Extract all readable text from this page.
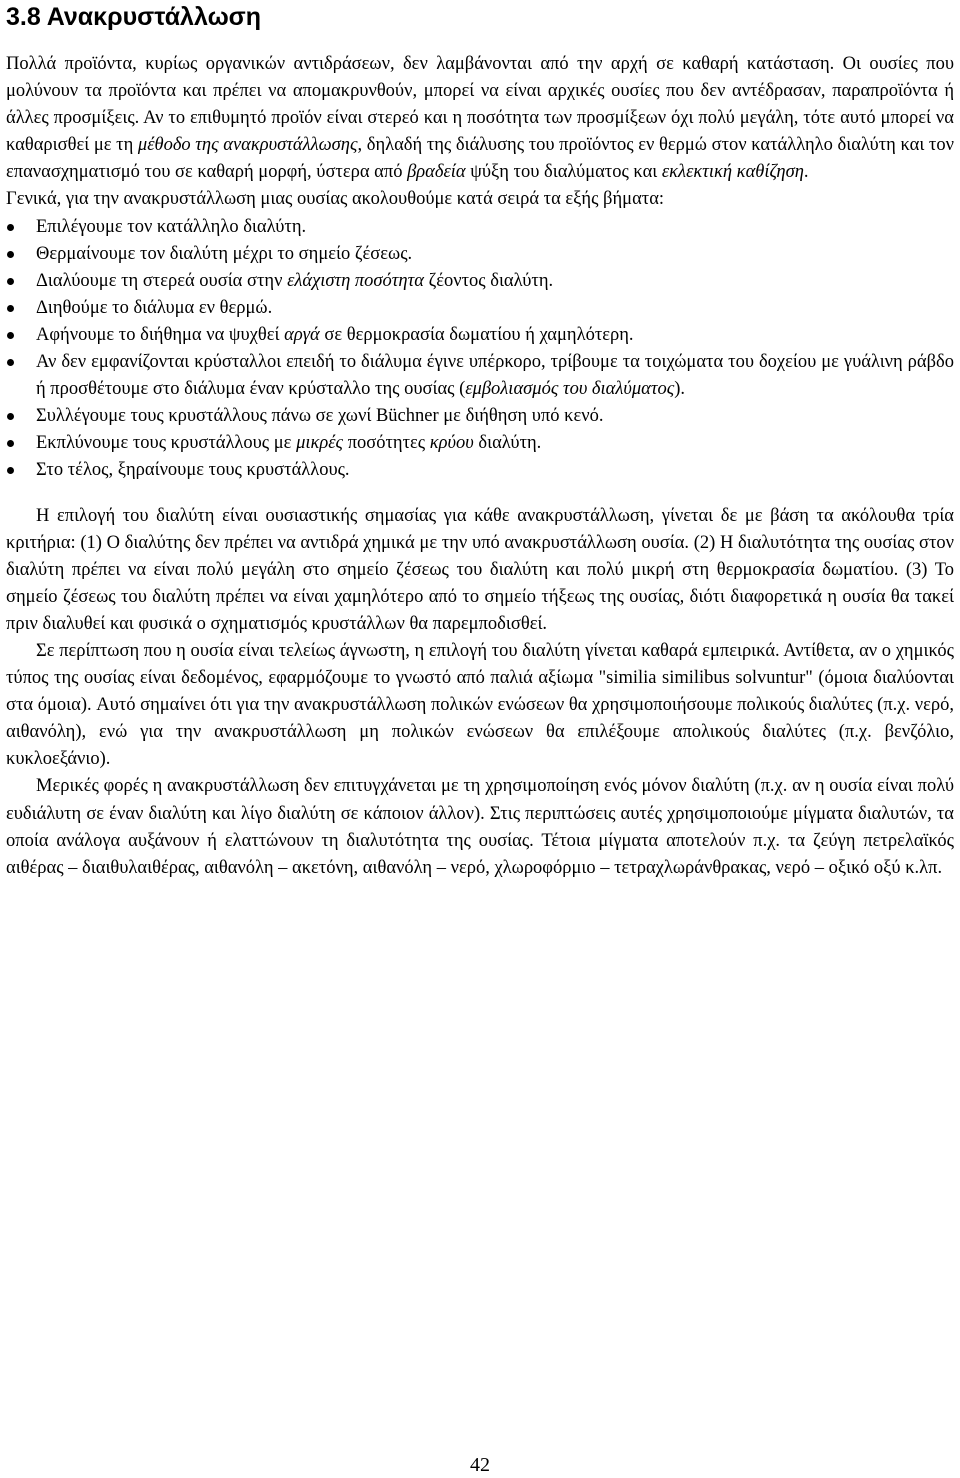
3.8 Ανακρυστάλλωση

Πολλά προϊόντα, κυρίως οργανικών αντιδράσεων, δεν λαμβάνονται από την αρχή σε καθαρή κατάσταση. Οι ουσίες που μολύνουν τα προϊόντα και πρέπει να απομακρυνθούν, μπορεί να είναι αρχικές ουσίες που δεν αντέδρασαν, παραπροϊόντα ή άλλες προσμίξεις. Αν το επιθυμητό προϊόν είναι στερεό και η ποσότητα των προσμίξεων όχι πολύ μεγάλη, τότε αυτό μπορεί να καθαρισθεί με τη μέθοδο της ανακρυστάλλωσης, δηλαδή της διάλυσης του προϊόντος εν θερμώ στον κατάλληλο διαλύτη και τον επανασχηματισμό του σε καθαρή μορφή, ύστερα από βραδεία ψύξη του διαλύματος και εκλεκτική καθίζηση.

Γενικά, για την ανακρυστάλλωση μιας ουσίας ακολουθούμε κατά σειρά τα εξής βήματα:

Επιλέγουμε τον κατάλληλο διαλύτη.
Θερμαίνουμε τον διαλύτη μέχρι το σημείο ζέσεως.
Διαλύουμε τη στερεά ουσία στην ελάχιστη ποσότητα ζέοντος διαλύτη.
Διηθούμε το διάλυμα εν θερμώ.
Αφήνουμε το διήθημα να ψυχθεί αργά σε θερμοκρασία δωματίου ή χαμηλότερη.
Αν δεν εμφανίζονται κρύσταλλοι επειδή το διάλυμα έγινε υπέρκορο, τρίβουμε τα τοιχώματα του δοχείου με γυάλινη ράβδο ή προσθέτουμε στο διάλυμα έναν κρύσταλλο της ουσίας (εμβολιασμός του διαλύματος).
Συλλέγουμε τους κρυστάλλους πάνω σε χωνί Büchner με διήθηση υπό κενό.
Εκπλύνουμε τους κρυστάλλους με μικρές ποσότητες κρύου διαλύτη.
Στο τέλος, ξηραίνουμε τους κρυστάλλους.

Η επιλογή του διαλύτη είναι ουσιαστικής σημασίας για κάθε ανακρυστάλλωση, γίνεται δε με βάση τα ακόλουθα τρία κριτήρια: (1) Ο διαλύτης δεν πρέπει να αντιδρά χημικά με την υπό ανακρυστάλλωση ουσία. (2) Η διαλυτότητα της ουσίας στον διαλύτη πρέπει να είναι πολύ μεγάλη στο σημείο ζέσεως του διαλύτη και πολύ μικρή στη θερμοκρασία δωματίου. (3) Το σημείο ζέσεως του διαλύτη πρέπει να είναι χαμηλότερο από το σημείο τήξεως της ουσίας, διότι διαφορετικά η ουσία θα τακεί πριν διαλυθεί και φυσικά ο σχηματισμός κρυστάλλων θα παρεμποδισθεί.

Σε περίπτωση που η ουσία είναι τελείως άγνωστη, η επιλογή του διαλύτη γίνεται καθαρά εμπειρικά. Αντίθετα, αν ο χημικός τύπος της ουσίας είναι δεδομένος, εφαρμόζουμε το γνωστό από παλιά αξίωμα "similia similibus solvuntur" (όμοια διαλύονται στα όμοια). Αυτό σημαίνει ότι για την ανακρυστάλλωση πολικών ενώσεων θα χρησιμοποιήσουμε πολικούς διαλύτες (π.χ. νερό, αιθανόλη), ενώ για την ανακρυστάλλωση μη πολικών ενώσεων θα επιλέξουμε απολικούς διαλύτες (π.χ. βενζόλιο, κυκλοεξάνιο).

Μερικές φορές η ανακρυστάλλωση δεν επιτυγχάνεται με τη χρησιμοποίηση ενός μόνον διαλύτη (π.χ. αν η ουσία είναι πολύ ευδιάλυτη σε έναν διαλύτη και λίγο διαλύτη σε κάποιον άλλον). Στις περιπτώσεις αυτές χρησιμοποιούμε μίγματα διαλυτών, τα οποία ανάλογα αυξάνουν ή ελαττώνουν τη διαλυτότητα της ουσίας. Τέτοια μίγματα αποτελούν π.χ. τα ζεύγη πετρελαϊκός αιθέρας – διαιθυλαιθέρας, αιθανόλη – ακετόνη, αιθανόλη – νερό, χλωροφόρμιο – τετραχλωράνθρακας, νερό – οξικό οξύ κ.λπ.

42
